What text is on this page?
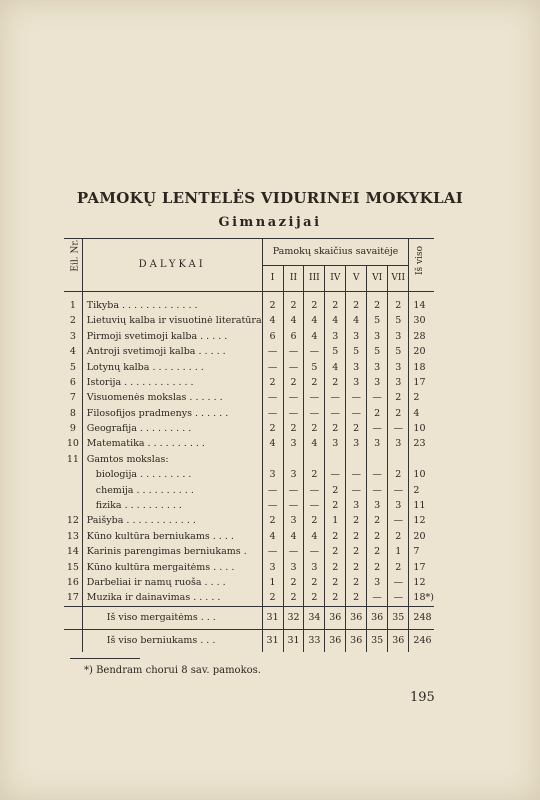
PAMOKŲ LENTELĖS VIDURINEI MOKYKLAI
Gimnazijai
Eil. Nr.	DALYKAI	Pamokų skaičius savaitėje							Iš viso

		I	II	III	IV	V	VI	VII	
1	Tikyba . . . . . . . . . . . . .	2	2	2	2	2	2	2	14
2	Lietuvių kalba ir visuotinė literatūra	4	4	4	4	4	5	5	30
3	Pirmoji svetimoji kalba . . . . .	6	6	4	3	3	3	3	28
4	Antroji svetimoji kalba . . . . .	—	—	—	5	5	5	5	20
5	Lotynų kalba . . . . . . . . .	—	—	5	4	3	3	3	18
6	Istorija . . . . . . . . . . . .	2	2	2	2	3	3	3	17
7	Visuomenės mokslas . . . . . .	—	—	—	—	—	—	2	2
8	Filosofijos pradmenys . . . . . .	—	—	—	—	—	2	2	4
9	Geografija . . . . . . . . .	2	2	2	2	2	—	—	10
10	Matematika . . . . . . . . . .	4	3	4	3	3	3	3	23
11	Gamtos mokslas:								
	biologija . . . . . . . . .	3	3	2	—	—	—	2	10
	chemija . . . . . . . . . .	—	—	—	2	—	—	—	2
	fizika . . . . . . . . . .	—	—	—	2	3	3	3	11
12	Paišyba . . . . . . . . . . . .	2	3	2	1	2	2	—	12
13	Kūno kultūra berniukams . . . .	4	4	4	2	2	2	2	20
14	Karinis parengimas berniukams .	—	—	—	2	2	2	1	7
15	Kūno kultūra mergaitėms . . . .	3	3	3	2	2	2	2	17
16	Darbeliai ir namų ruoša . . . .	1	2	2	2	2	3	—	12
17	Muzika ir dainavimas . . . . .	2	2	2	2	2	—	—	18*)
	Iš viso mergaitėms . . .	31	32	34	36	36	36	35	248
	Iš viso berniukams . . .	31	31	33	36	36	35	36	246
*) Bendram chorui 8 sav. pamokos.
195
